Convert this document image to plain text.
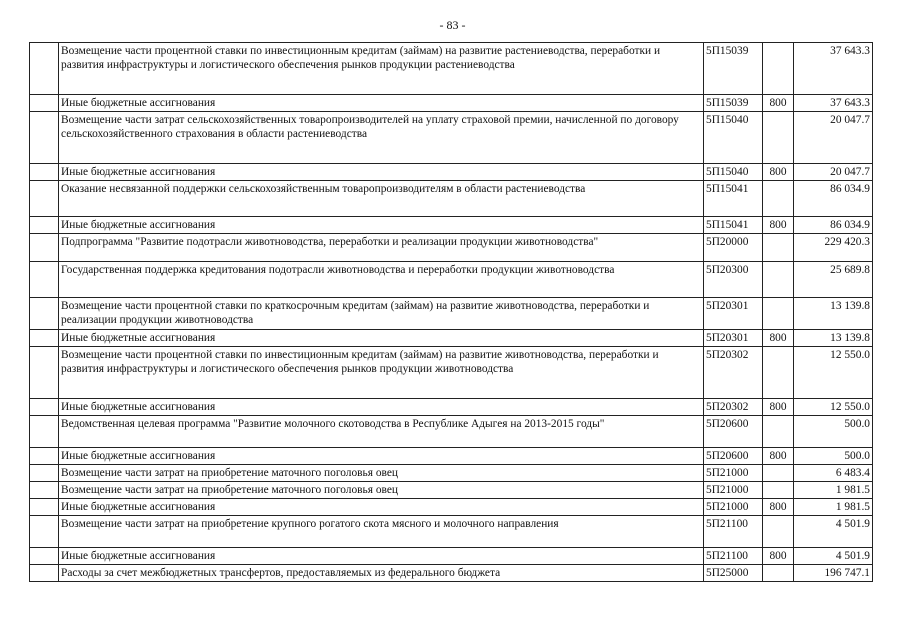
- 83 -
	Возмещение части процентной ставки по инвестиционным кредитам (займам) на развитие растениеводства, переработки и развития инфраструктуры и логистического обеспечения рынков продукции растениеводства	5П15039		37 643.3
	Иные бюджетные ассигнования	5П15039	800	37 643.3
	Возмещение части затрат сельскохозяйственных товаропроизводителей на уплату страховой премии, начисленной по договору сельскохозяйственного страхования в области растениеводства	5П15040		20 047.7
	Иные бюджетные ассигнования	5П15040	800	20 047.7
	Оказание несвязанной поддержки сельскохозяйственным товаропроизводителям в области растениеводства	5П15041		86 034.9
	Иные бюджетные ассигнования	5П15041	800	86 034.9
	Подпрограмма "Развитие подотрасли животноводства, переработки и реализации продукции животноводства"	5П20000		229 420.3
	Государственная поддержка кредитования подотрасли животноводства и переработки продукции животноводства	5П20300		25 689.8
	Возмещение части процентной ставки по краткосрочным кредитам (займам) на развитие животноводства, переработки и реализации продукции животноводства	5П20301		13 139.8
	Иные бюджетные ассигнования	5П20301	800	13 139.8
	Возмещение части процентной ставки по инвестиционным кредитам (займам) на развитие животноводства, переработки и развития инфраструктуры и логистического обеспечения рынков продукции животноводства	5П20302		12 550.0
	Иные бюджетные ассигнования	5П20302	800	12 550.0
	Ведомственная целевая программа "Развитие молочного скотоводства в Республике Адыгея на 2013-2015 годы"	5П20600		500.0
	Иные бюджетные ассигнования	5П20600	800	500.0
	Возмещение части затрат на приобретение маточного поголовья овец	5П21000		6 483.4
	Возмещение части затрат на приобретение маточного поголовья овец	5П21000		1 981.5
	Иные бюджетные ассигнования	5П21000	800	1 981.5
	Возмещение части затрат на приобретение крупного рогатого скота мясного и молочного направления	5П21100		4 501.9
	Иные бюджетные ассигнования	5П21100	800	4 501.9
	Расходы за счет межбюджетных трансфертов, предоставляемых из федерального бюджета	5П25000		196 747.1
